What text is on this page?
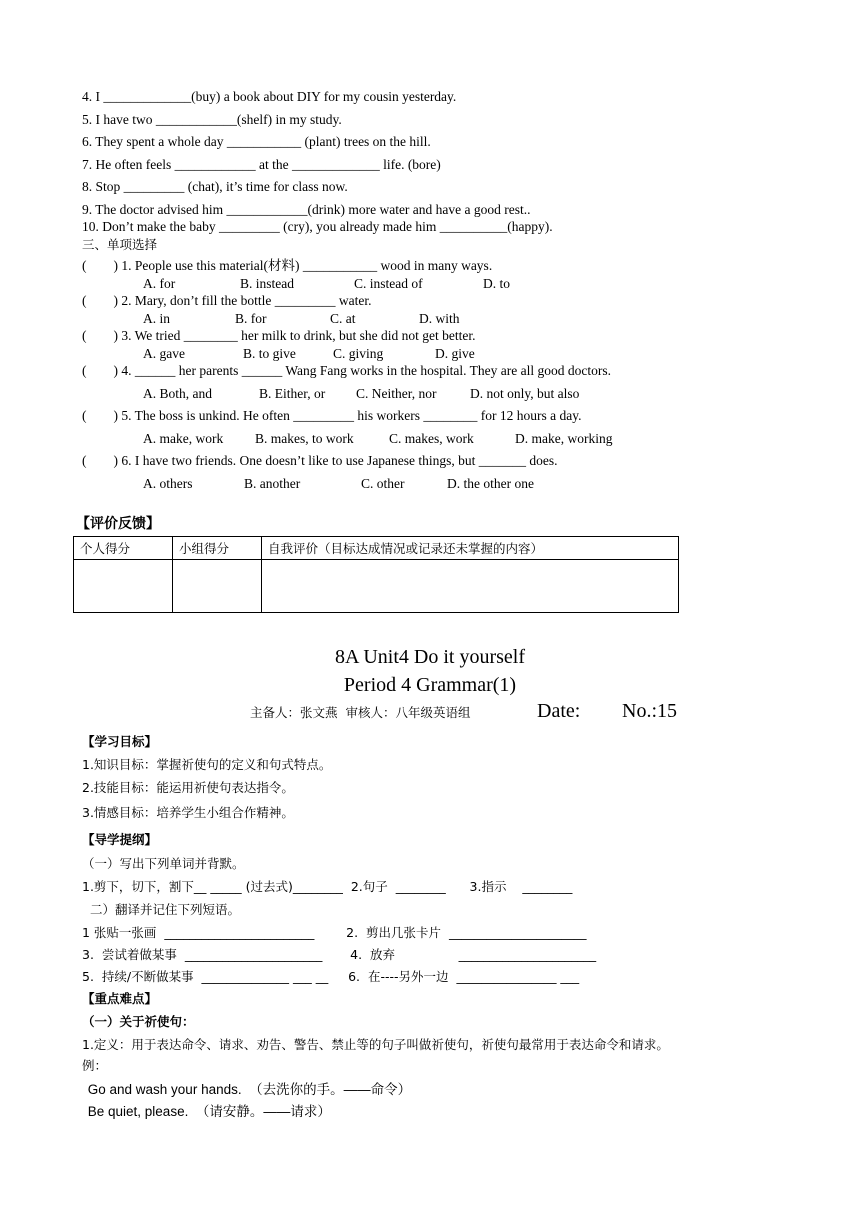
4. I _____________(buy) a book about DIY for my cousin yesterday.
5. I have two ____________(shelf) in my study.
6. They spent a whole day ___________ (plant) trees on the hill.
7. He often feels ____________ at the _____________ life. (bore)
8. Stop _________ (chat), it’s time for class now.
9. The doctor advised him ____________(drink) more water and have a good rest..
10. Don’t make the baby _________ (cry), you already made him __________(happy).
三、单项选择
(        ) 1. People use this material(材料) ___________ wood in many ways.
A. for	B. instead	C. instead of	D. to
(        ) 2. Mary, don’t fill the bottle _________ water.
A. in	B. for	C. at	D. with
(        ) 3. We tried ________ her milk to drink, but she did not get better.
A. gave	B. to give	C. giving	D. give
(        ) 4. ______ her parents ______ Wang Fang works in the hospital. They are all good doctors.
A. Both, and	B. Either, or C. Neither, nor D. not only, but also
(        ) 5. The boss is unkind. He often _________ his workers ________ for 12 hours a day.
A. make, work B. makes, to work	C. makes, work	D. make, working
(        ) 6. I have two friends. One doesn’t like to use Japanese things, but _______ does.
A. others	B. another	C. other	D. the other one
【评价反馈】
个人得分	小组得分	自我评价（目标达成情况或记录还未掌握的内容）

8A Unit4 Do it yourself
Period 4 Grammar(1)
主备人：张文燕  审核人：八年级英语组	Date: No.:15
【学习目标】
1.知识目标：掌握祈使句的定义和句式特点。
2.技能目标：能运用祈使句表达指令。
3.情感目标：培养学生小组合作精神。
【导学提纲】
（一）写出下列单词并背默。
1.剪下，切下，割下__ _____ (过去式)________  2.句子  ________      3.指示    ________
二）翻译并记住下列短语。
1 张贴一张画  ________________________        2.  剪出几张卡片  ______________________
3.  尝试着做某事  ______________________       4.  放弃                ______________________
5.  持续/不断做某事  ______________ ___ __     6.  在----另外一边  ________________ ___
【重点难点】
（一）关于祈使句：
1.定义：用于表达命令、请求、劝告、警告、禁止等的句子叫做祈使句，祈使句最常用于表达命令和请求。
例：
Go and wash your hands.  （去洗你的手。——命令）
Be quiet, please.  （请安静。——请求）
